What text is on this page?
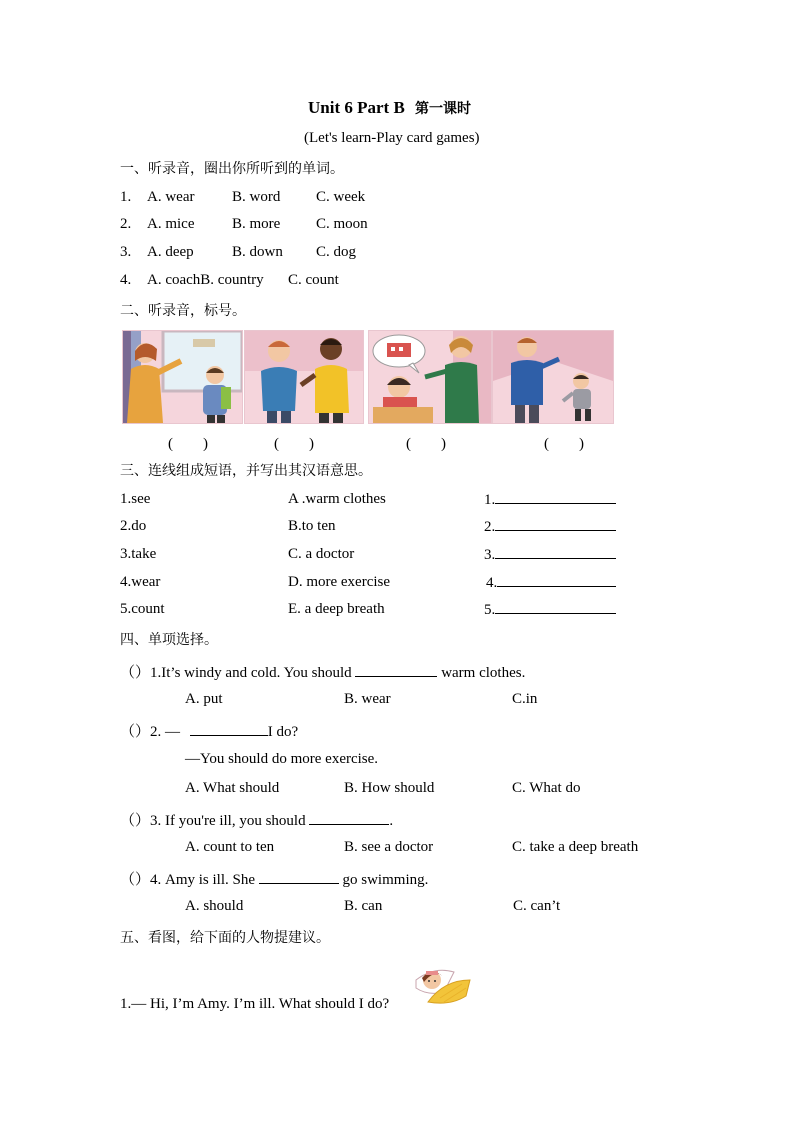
Unit 6 Part B 第一课时
(Let's learn-Play card games)
一、听录音，圈出你所听到的单词。
1. A. wear	B. word C. week
2. A. mice	B. more C. moon
3. A. deep	B. down C. dog
4. A. coachB. country C. count
二、听录音，标号。
(　　)	(　　)	(　　)	(　　)
三、连线组成短语，并写出其汉语意思。
1.see	A .warm clothes	1.
2.do	B.to ten	2.
3.take	C. a doctor	3.
4.wear	D. more exercise	4.
5.count	E. a deep breath	5.
四、单项选择。
（）1.It’s windy and cold. You should	warm clothes.
A. put	B. wear	C.in
（）2. —	I do?
—You should do more exercise.
A. What should	B. How should	C. What do
（）3. If you're ill, you should	.
A. count to ten	B. see a doctor	C. take a deep breath
（）4. Amy is ill. She	go swimming.
A. should	B. can	C. can’t
五、看图，给下面的人物提建议。
1.— Hi, I’m Amy. I’m ill. What should I do?
